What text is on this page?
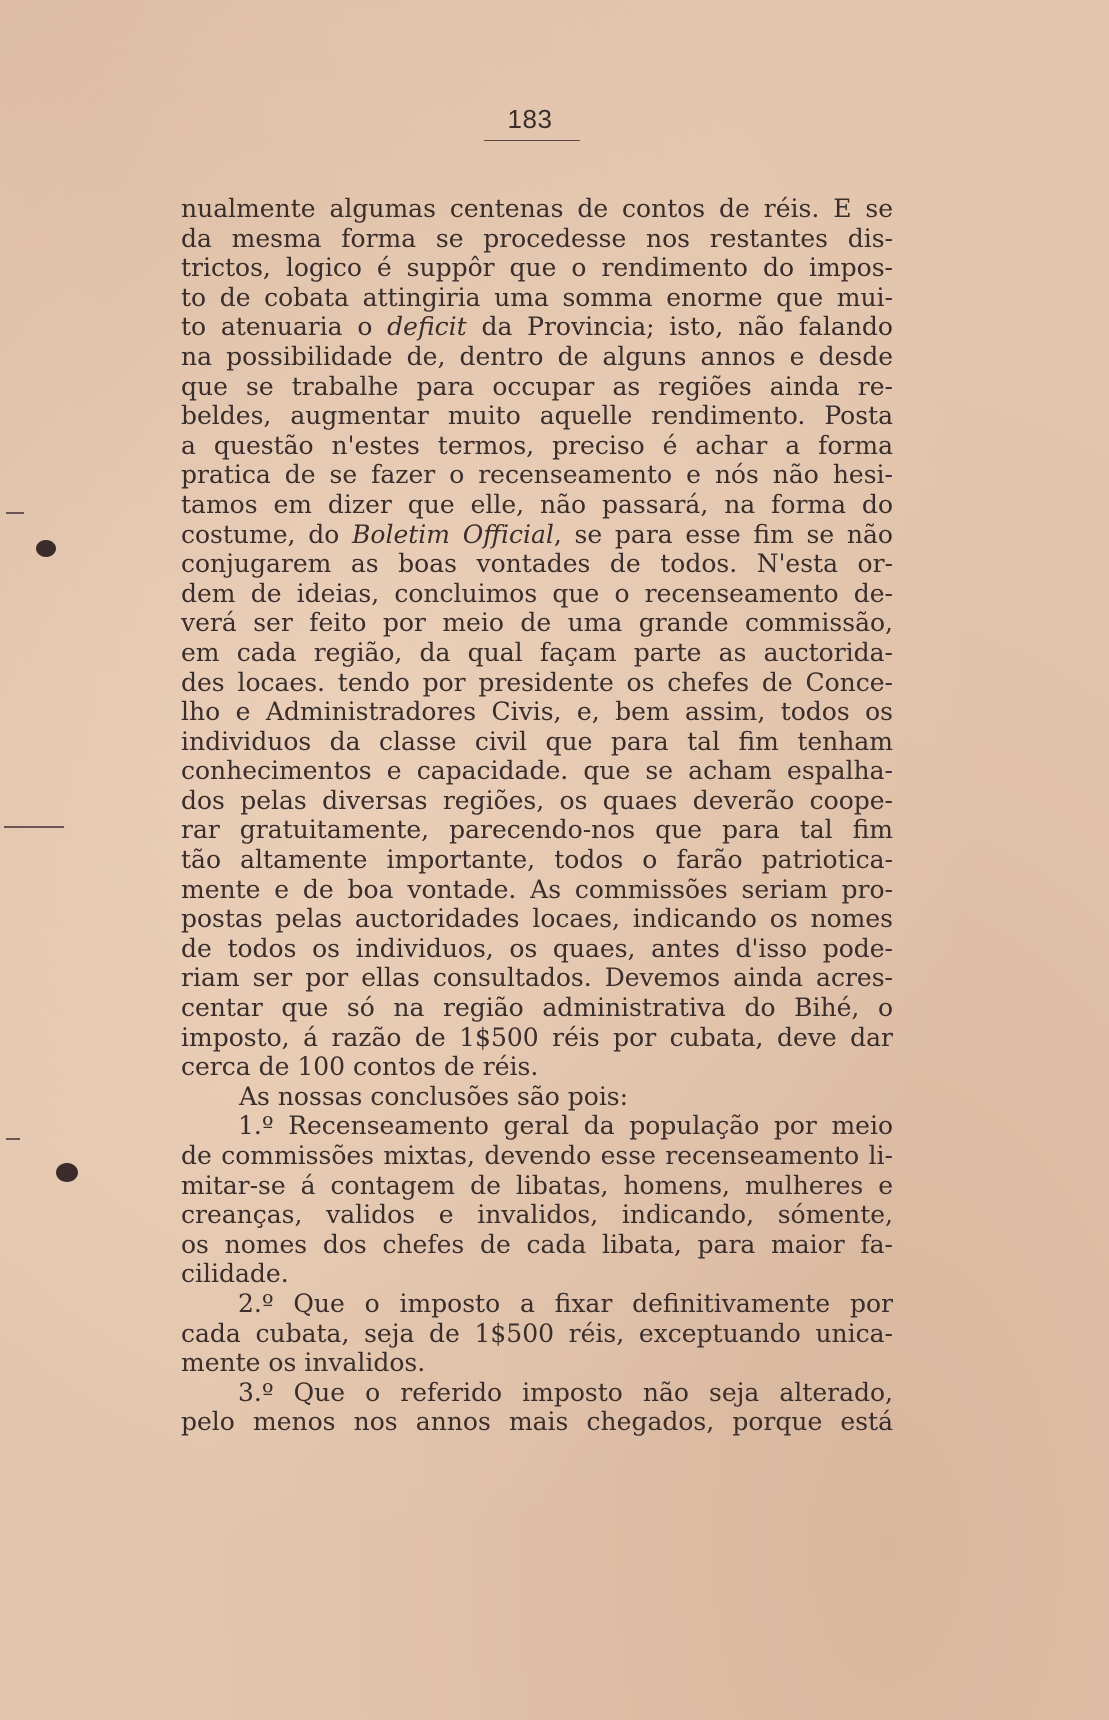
183
nualmente algumas centenas de contos de réis. E se
da mesma forma se procedesse nos restantes dis-
trictos, logico é suppôr que o rendimento do impos-
to de cobata attingiria uma somma enorme que mui-
to atenuaria o deficit da Provincia; isto, não falando
na possibilidade de, dentro de alguns annos e desde
que se trabalhe para occupar as regiões ainda re-
beldes, augmentar muito aquelle rendimento. Posta
a questão n'estes termos, preciso é achar a forma
pratica de se fazer o recenseamento e nós não hesi-
tamos em dizer que elle, não passará, na forma do
costume, do Boletim Official, se para esse fim se não
conjugarem as boas vontades de todos. N'esta or-
dem de ideias, concluimos que o recenseamento de-
verá ser feito por meio de uma grande commissão,
em cada região, da qual façam parte as auctorida-
des locaes. tendo por presidente os chefes de Conce-
lho e Administradores Civis, e, bem assim, todos os
individuos da classe civil que para tal fim tenham
conhecimentos e capacidade. que se acham espalha-
dos pelas diversas regiões, os quaes deverão coope-
rar gratuitamente, parecendo-nos que para tal fim
tão altamente importante, todos o farão patriotica-
mente e de boa vontade. As commissões seriam pro-
postas pelas auctoridades locaes, indicando os nomes
de todos os individuos, os quaes, antes d'isso pode-
riam ser por ellas consultados. Devemos ainda acres-
centar que só na região administrativa do Bihé, o
imposto, á razão de 1$500 réis por cubata, deve dar
cerca de 100 contos de réis.
As nossas conclusões são pois:
1.º Recenseamento geral da população por meio
de commissões mixtas, devendo esse recenseamento li-
mitar-se á contagem de libatas, homens, mulheres e
creanças, validos e invalidos, indicando, sómente,
os nomes dos chefes de cada libata, para maior fa-
cilidade.
2.º Que o imposto a fixar definitivamente por
cada cubata, seja de 1$500 réis, exceptuando unica-
mente os invalidos.
3.º Que o referido imposto não seja alterado,
pelo menos nos annos mais chegados, porque está
